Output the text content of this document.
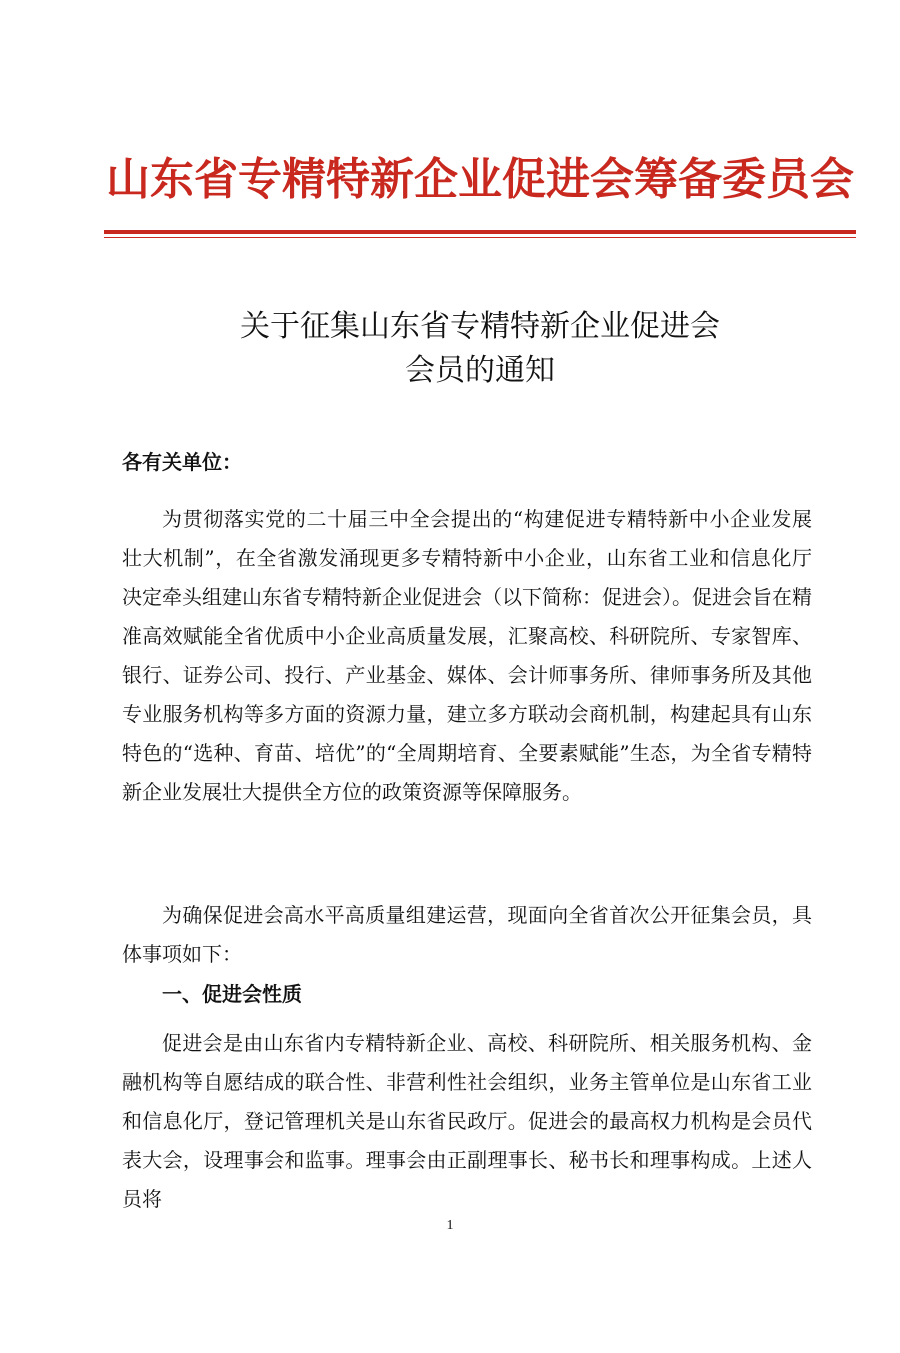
山东省专精特新企业促进会筹备委员会
关于征集山东省专精特新企业促进会
会员的通知
各有关单位：
为贯彻落实党的二十届三中全会提出的“构建促进专精特新中小企业发展壮大机制”，在全省激发涌现更多专精特新中小企业，山东省工业和信息化厅决定牵头组建山东省专精特新企业促进会（以下简称：促进会）。促进会旨在精准高效赋能全省优质中小企业高质量发展，汇聚高校、科研院所、专家智库、银行、证券公司、投行、产业基金、媒体、会计师事务所、律师事务所及其他专业服务机构等多方面的资源力量，建立多方联动会商机制，构建起具有山东特色的“选种、育苗、培优”的“全周期培育、全要素赋能”生态，为全省专精特新企业发展壮大提供全方位的政策资源等保障服务。
为确保促进会高水平高质量组建运营，现面向全省首次公开征集会员，具体事项如下：
一、促进会性质
促进会是由山东省内专精特新企业、高校、科研院所、相关服务机构、金融机构等自愿结成的联合性、非营利性社会组织，业务主管单位是山东省工业和信息化厅，登记管理机关是山东省民政厅。促进会的最高权力机构是会员代表大会，设理事会和监事。理事会由正副理事长、秘书长和理事构成。上述人员将
1
